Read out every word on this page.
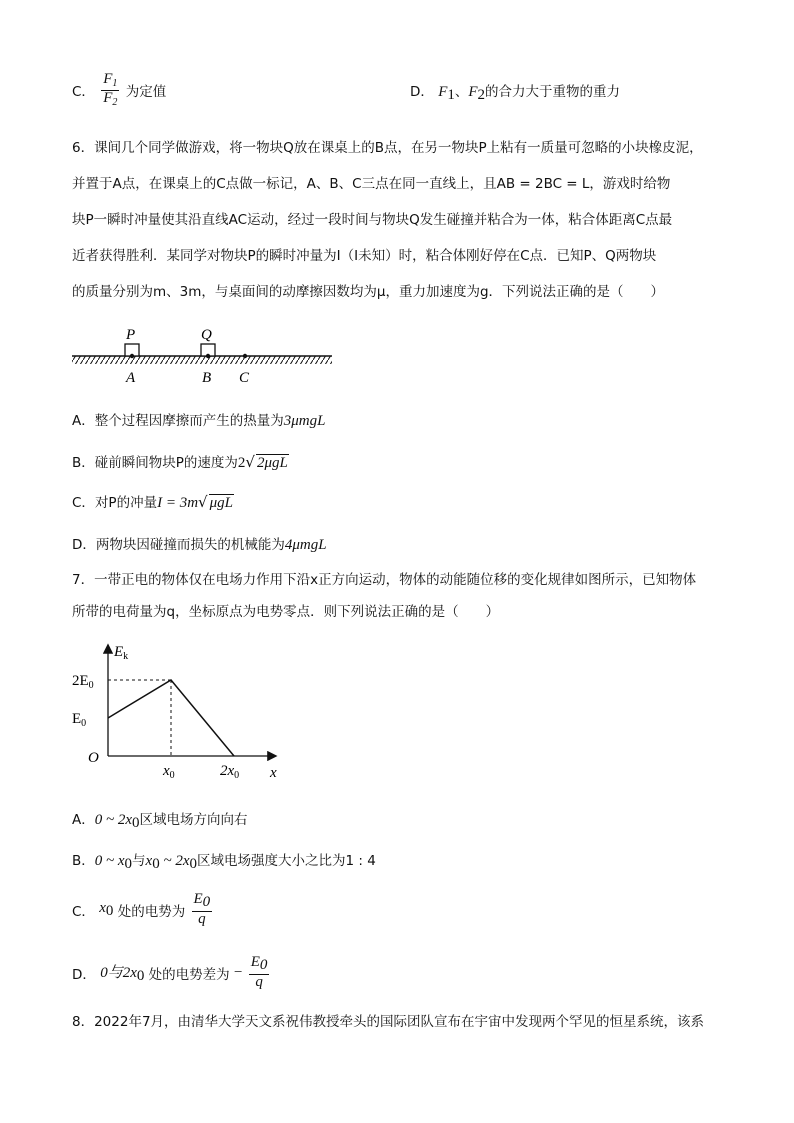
C． $\frac{F_1}{F_2}$ 为定值	D． $F_1$、$F_2$的合力大于重物的重力
6．课间几个同学做游戏，将一物块Q放在课桌上的B点，在另一物块P上粘有一质量可忽略的小块橡皮泥，
并置于A点，在课桌上的C点做一标记，A、B、C三点在同一直线上，且AB = 2BC = L，游戏时给物
块P一瞬时冲量使其沿直线AC运动，经过一段时间与物块Q发生碰撞并粘合为一体，粘合体距离C点最
近者获得胜利．某同学对物块P的瞬时冲量为I（I未知）时，粘合体刚好停在C点．已知P、Q两物块
的质量分别为m、3m，与桌面间的动摩擦因数均为μ，重力加速度为g．下列说法正确的是（　　）
P	Q
A	B C
A．整个过程因摩擦而产生的热量为3μmgL
B．碰前瞬间物块P的速度为2√ 2μgL
C．对P的冲量I = 3m√ μgL
D．两物块因碰撞而损失的机械能为4μmgL
7．一带正电的物体仅在电场力作用下沿x正方向运动，物体的动能随位移的变化规律如图所示，已知物体
所带的电荷量为q，坐标原点为电势零点．则下列说法正确的是（　　）
$E_k$
x
O
$E_0$
$2E_0$
$x_0$	$2x_0$
A．0 ~ $2x_0$区域电场方向向右
B．0 ~ $x_0$与$x_0$ ~ $2x_0$区域电场强度大小之比为1 : 4
C． $x_0$ 处的电势为 $\frac{E_0}{q}$
D． 0与$2x_0$ 处的电势差为 − $\frac{E_0}{q}$
8．2022年7月，由清华大学天文系祝伟教授牵头的国际团队宣布在宇宙中发现两个罕见的恒星系统，该系
